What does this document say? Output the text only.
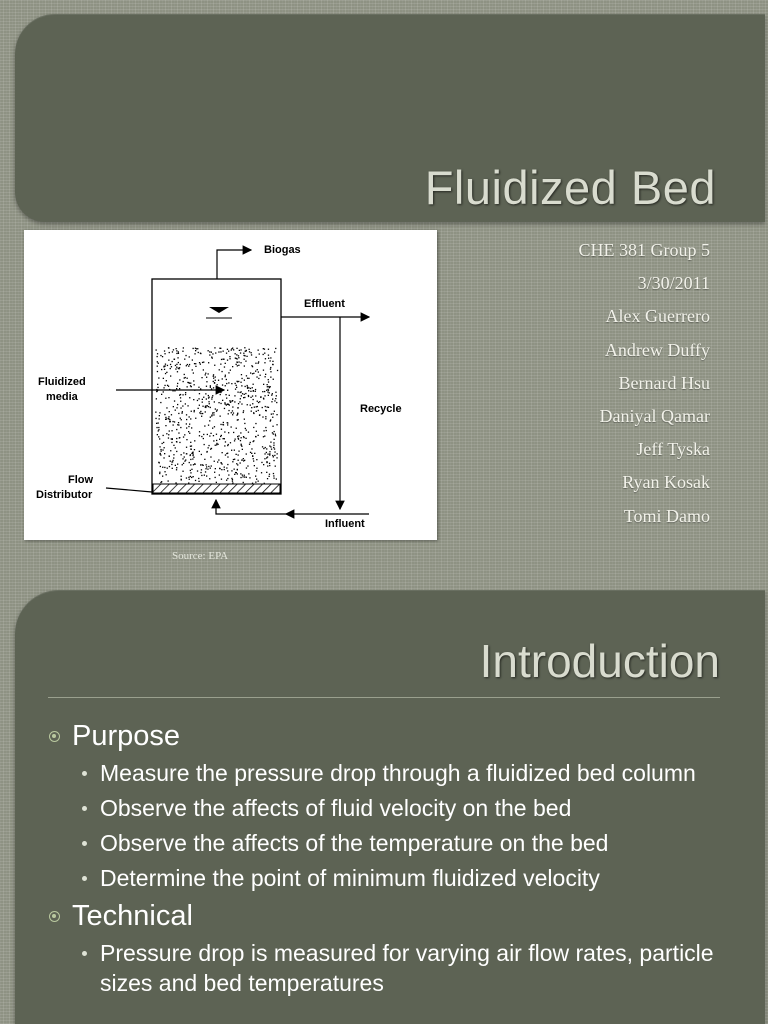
Fluidized Bed
Biogas
Effluent
Recycle
Influent
Fluidized
media
Flow
Distributor
Source: EPA
CHE 381 Group 5
3/30/2011
Alex Guerrero
Andrew Duffy
Bernard Hsu
Daniyal Qamar
Jeff Tyska
Ryan Kosak
Tomi Damo
Introduction
Purpose
Measure the pressure drop through a fluidized bed column
Observe the affects of fluid velocity on the bed
Observe the affects of the temperature on the bed
Determine the point of minimum fluidized velocity
Technical
Pressure drop is measured for varying air flow rates, particle sizes and bed temperatures
